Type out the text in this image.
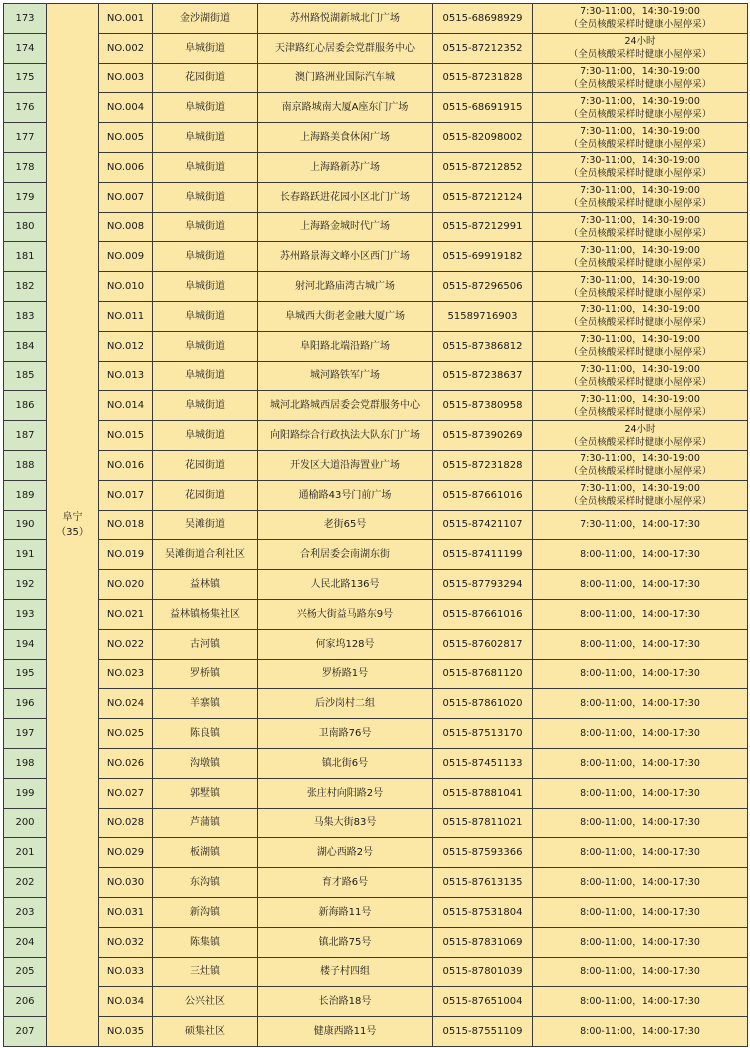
173	阜宁
（35）	NO.001	金沙湖街道	苏州路悦湖新城北门广场	0515-68698929	7:30-11:00，14:30-19:00
（全员核酸采样时健康小屋停采）

174		NO.002	阜城街道	天津路红心居委会党群服务中心	0515-87212352	24小时
（全员核酸采样时健康小屋停采）

175		NO.003	花园街道	澳门路洲业国际汽车城	0515-87231828	7:30-11:00，14:30-19:00
（全员核酸采样时健康小屋停采）

176		NO.004	阜城街道	南京路城南大厦A座东门广场	0515-68691915	7:30-11:00，14:30-19:00
（全员核酸采样时健康小屋停采）

177		NO.005	阜城街道	上海路美食休闲广场	0515-82098002	7:30-11:00，14:30-19:00
（全员核酸采样时健康小屋停采）

178		NO.006	阜城街道	上海路新苏广场	0515-87212852	7:30-11:00，14:30-19:00
（全员核酸采样时健康小屋停采）

179		NO.007	阜城街道	长春路跃进花园小区北门广场	0515-87212124	7:30-11:00，14:30-19:00
（全员核酸采样时健康小屋停采）

180		NO.008	阜城街道	上海路金城时代广场	0515-87212991	7:30-11:00，14:30-19:00
（全员核酸采样时健康小屋停采）

181		NO.009	阜城街道	苏州路景海文峰小区西门广场	0515-69919182	7:30-11:00，14:30-19:00
（全员核酸采样时健康小屋停采）

182		NO.010	阜城街道	射河北路庙湾古城广场	0515-87296506	7:30-11:00，14:30-19:00
（全员核酸采样时健康小屋停采）

183		NO.011	阜城街道	阜城西大街老金融大厦广场	51589716903	7:30-11:00，14:30-19:00
（全员核酸采样时健康小屋停采）

184		NO.012	阜城街道	阜阳路北端沿路广场	0515-87386812	7:30-11:00，14:30-19:00
（全员核酸采样时健康小屋停采）

185		NO.013	阜城街道	城河路铁军广场	0515-87238637	7:30-11:00，14:30-19:00
（全员核酸采样时健康小屋停采）

186		NO.014	阜城街道	城河北路城西居委会党群服务中心	0515-87380958	7:30-11:00，14:30-19:00
（全员核酸采样时健康小屋停采）

187		NO.015	阜城街道	向阳路综合行政执法大队东门广场	0515-87390269	24小时
（全员核酸采样时健康小屋停采）

188		NO.016	花园街道	开发区大道沿海置业广场	0515-87231828	7:30-11:00，14:30-19:00
（全员核酸采样时健康小屋停采）

189		NO.017	花园街道	通榆路43号门前广场	0515-87661016	7:30-11:00，14:30-19:00
（全员核酸采样时健康小屋停采）

190		NO.018	吴滩街道	老街65号	0515-87421107	7:30-11:00，14:00-17:30

191		NO.019	吴滩街道合利社区	合利居委会南湖东街	0515-87411199	8:00-11:00，14:00-17:30

192		NO.020	益林镇	人民北路136号	0515-87793294	8:00-11:00，14:00-17:30

193		NO.021	益林镇杨集社区	兴杨大街益马路东9号	0515-87661016	8:00-11:00，14:00-17:30

194		NO.022	古河镇	何家坞128号	0515-87602817	8:00-11:00，14:00-17:30

195		NO.023	罗桥镇	罗桥路1号	0515-87681120	8:00-11:00，14:00-17:30

196		NO.024	羊寨镇	后沙岗村二组	0515-87861020	8:00-11:00，14:00-17:30

197		NO.025	陈良镇	卫南路76号	0515-87513170	8:00-11:00，14:00-17:30

198		NO.026	沟墩镇	镇北街6号	0515-87451133	8:00-11:00，14:00-17:30

199		NO.027	郭墅镇	张庄村向阳路2号	0515-87881041	8:00-11:00，14:00-17:30

200		NO.028	芦蒲镇	马集大街83号	0515-87811021	8:00-11:00，14:00-17:30

201		NO.029	板湖镇	湖心西路2号	0515-87593366	8:00-11:00，14:00-17:30

202		NO.030	东沟镇	育才路6号	0515-87613135	8:00-11:00，14:00-17:30

203		NO.031	新沟镇	新海路11号	0515-87531804	8:00-11:00，14:00-17:30

204		NO.032	陈集镇	镇北路75号	0515-87831069	8:00-11:00，14:00-17:30

205		NO.033	三灶镇	楼子村四组	0515-87801039	8:00-11:00，14:00-17:30

206		NO.034	公兴社区	长治路18号	0515-87651004	8:00-11:00，14:00-17:30

207		NO.035	硕集社区	健康西路11号	0515-87551109	8:00-11:00，14:00-17:30
